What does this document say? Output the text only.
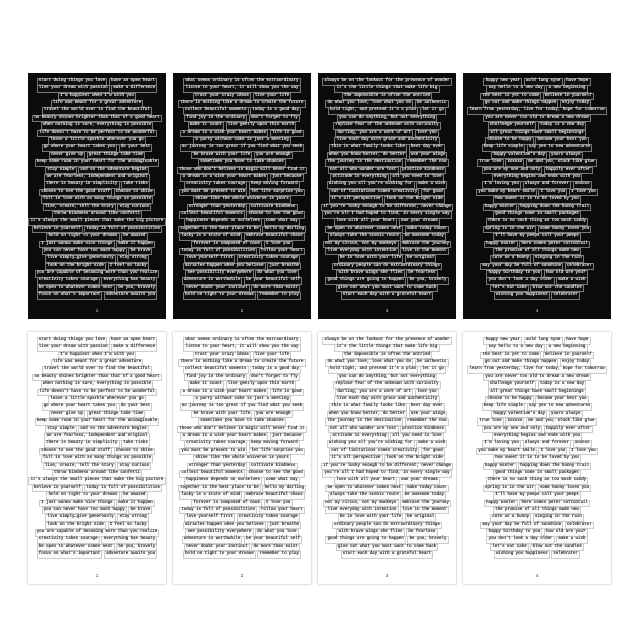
start doing things you love	have an open heart
live your dream with passion	make a difference
I'm happiest when I'm with you
life was meant for a great adventure
travel the world over to find the beautiful
no beauty shines brighter than that of a good heart
when nothing is sure, everything is possible
life doesn't have to be perfect to be wonderful
leave a little sparkle wherever you go
go where your heart takes you	do your best
never give up	great things take time
keep some room in your heart for the unimaginable
stay simple	and so the adventure begins
we are fearless, independent and original
there is beauty in simplicity	take risks
choose to see the good stuff	choose to shine
fall in love with as many things as possible
live, create, tell the story	stay curious
throw kindness around like confetti
it's always the small pieces that make the big picture
believe in yourself	today is full of possibilities
hold on tight to your dreams	be amazed
I just wanna make nice things	make it happen
you can never have too much happy	be brave
live simply…give generously	stay strong
look on the bright side	I feel so lucky
you are capable of becoming more than you realize
creativity takes courage	everything has beauty
be open to whatever comes next	be you, bravely
focus on what's important	adventure awaits you
1
what seems ordinary is often the extraordinary
listen to your heart, it will show you the way
trust your crazy ideas	live your life
there is nothing like a dream to create the future
collect beautiful moments	today is a good day
find joy in the ordinary	don't forget to fly
make it count	live gently upon this earth
a dream is a wish your heart makes	life is good
a party without cake is just a meeting
no journey is too great if you find what you seek
be brave with your life	you are enough
sometimes you have to take chances
those who don't believe in magic will never find it
a dream is a wish your heart makes	just because
creativity takes courage	keep moving forward
you must be present to win	let life surprise you
shine like the whole universe is yours
stronger than yesterday	cultivate kindness
collect beautiful moments	choose to see the good
happiness depends on ourselves	come what may
together is the best place to be	hello my darling
lucky is a state of mind	embrace beautiful chaos
forever is composed of nows	I love you
today is full of possibilities	follow your heart
love yourself first	creativity takes courage
miracles happen when you believe	just breathe
see possibility everywhere	do what you love
adventure is worthwhile	be your beautiful self
never doubt your instinct	do more than exist
hold on tight to your dreams	remember to play
2
always be on the lookout for the presence of wonder
it's the little things that make life big
the impossible is often the untried
do what you love, love what you do	be authentic
hold tight, and pretend it's a plan	let it go
you can do anything, but not everything
replace fear of the unknown with curiosity
darling, you are a work of art	love you
live each day with grace and authenticity
this is what family looks like	best day ever
when you know better, do better	use your wings
the journey is the destination	remember the now
not all who wander are lost	practice kindness
attitude is everything	all you need is love
wishing you all you're wishing for	make a wish
out of limitations comes creativity	for good
it's all perspective	look on the bright side
if you're lucky enough to be different, never change
you're all I had hoped to find, in every single way
love with all your heart	own your dreams
be open to whatever comes next	make today count
always take the scenic route	be awesome today
not my circus, not my monkeys	embrace the journey
live everyday with intention	live in the moment
be in love with your life	be original
ordinary people can do extraordinary things
with brave wings she flies	be fearless
good things are going to happen	be you, bravely
give out what you most want to come back
start each day with a grateful heart
3
happy new year	auld lang syne	have hope
say hello to a new day	a new beginning
the best is yet to come	believe in yourself
go out and make things happen	enjoy today
learn from yesterday, live for today, hope for tomorrow
you are never too old to dream a new dream
challenge yourself	today is a new day
all great things have small beginnings
choose to be happy	become your best you
keep life simple	say yes to new adventures
happy valentine's day	yours always
true love	xoxoxo	me and you, stuck like glue
you are my one and only	happily ever after
everything begins and ends with you
I'm loving you	always and forever	xoxoxo
you make my heart smile	I love you	I love you
how sweet it is to be loved by you
happy easter	hopping down the bunny trail
good things come in small packages
there is no such thing as too much candy
spring is in the air	some bunny loves you
I'll have my peeps call your peeps
happy easter	here comes peter cottontail
the promise of all things made new
cute as a bunny	singing in the rain
may your day be full of sunshine	celebrate!
happy birthday to you	how old are you?
you don't look a day older	make a wish
let's eat cake	blow out the candles
wishing you happiness	celebrate!
4
start doing things you love	have an open heart
live your dream with passion	make a difference
I'm happiest when I'm with you
life was meant for a great adventure
travel the world over to find the beautiful
no beauty shines brighter than that of a good heart
when nothing is sure, everything is possible
life doesn't have to be perfect to be wonderful
leave a little sparkle wherever you go
go where your heart takes you	do your best
never give up	great things take time
keep some room in your heart for the unimaginable
stay simple	and so the adventure begins
we are fearless, independent and original
there is beauty in simplicity	take risks
choose to see the good stuff	choose to shine
fall in love with as many things as possible
live, create, tell the story	stay curious
throw kindness around like confetti
it's always the small pieces that make the big picture
believe in yourself	today is full of possibilities
hold on tight to your dreams	be amazed
I just wanna make nice things	make it happen
you can never have too much happy	be brave
live simply…give generously	stay strong
look on the bright side	I feel so lucky
you are capable of becoming more than you realize
creativity takes courage	everything has beauty
be open to whatever comes next	be you, bravely
focus on what's important	adventure awaits you
1
what seems ordinary is often the extraordinary
listen to your heart, it will show you the way
trust your crazy ideas	live your life
there is nothing like a dream to create the future
collect beautiful moments	today is a good day
find joy in the ordinary	don't forget to fly
make it count	live gently upon this earth
a dream is a wish your heart makes	life is good
a party without cake is just a meeting
no journey is too great if you find what you seek
be brave with your life	you are enough
sometimes you have to take chances
those who don't believe in magic will never find it
a dream is a wish your heart makes	just because
creativity takes courage	keep moving forward
you must be present to win	let life surprise you
shine like the whole universe is yours
stronger than yesterday	cultivate kindness
collect beautiful moments	choose to see the good
happiness depends on ourselves	come what may
together is the best place to be	hello my darling
lucky is a state of mind	embrace beautiful chaos
forever is composed of nows	I love you
today is full of possibilities	follow your heart
love yourself first	creativity takes courage
miracles happen when you believe	just breathe
see possibility everywhere	do what you love
adventure is worthwhile	be your beautiful self
never doubt your instinct	do more than exist
hold on tight to your dreams	remember to play
2
always be on the lookout for the presence of wonder
it's the little things that make life big
the impossible is often the untried
do what you love, love what you do	be authentic
hold tight, and pretend it's a plan	let it go
you can do anything, but not everything
replace fear of the unknown with curiosity
darling, you are a work of art	love you
live each day with grace and authenticity
this is what family looks like	best day ever
when you know better, do better	use your wings
the journey is the destination	remember the now
not all who wander are lost	practice kindness
attitude is everything	all you need is love
wishing you all you're wishing for	make a wish
out of limitations comes creativity	for good
it's all perspective	look on the bright side
if you're lucky enough to be different, never change
you're all I had hoped to find, in every single way
love with all your heart	own your dreams
be open to whatever comes next	make today count
always take the scenic route	be awesome today
not my circus, not my monkeys	embrace the journey
live everyday with intention	live in the moment
be in love with your life	be original
ordinary people can do extraordinary things
with brave wings she flies	be fearless
good things are going to happen	be you, bravely
give out what you most want to come back
start each day with a grateful heart
3
happy new year	auld lang syne	have hope
say hello to a new day	a new beginning
the best is yet to come	believe in yourself
go out and make things happen	enjoy today
learn from yesterday, live for today, hope for tomorrow
you are never too old to dream a new dream
challenge yourself	today is a new day
all great things have small beginnings
choose to be happy	become your best you
keep life simple	say yes to new adventures
happy valentine's day	yours always
true love	xoxoxo	me and you, stuck like glue
you are my one and only	happily ever after
everything begins and ends with you
I'm loving you	always and forever	xoxoxo
you make my heart smile	I love you	I love you
how sweet it is to be loved by you
happy easter	hopping down the bunny trail
good things come in small packages
there is no such thing as too much candy
spring is in the air	some bunny loves you
I'll have my peeps call your peeps
happy easter	here comes peter cottontail
the promise of all things made new
cute as a bunny	singing in the rain
may your day be full of sunshine	celebrate!
happy birthday to you	how old are you?
you don't look a day older	make a wish
let's eat cake	blow out the candles
wishing you happiness	celebrate!
4
